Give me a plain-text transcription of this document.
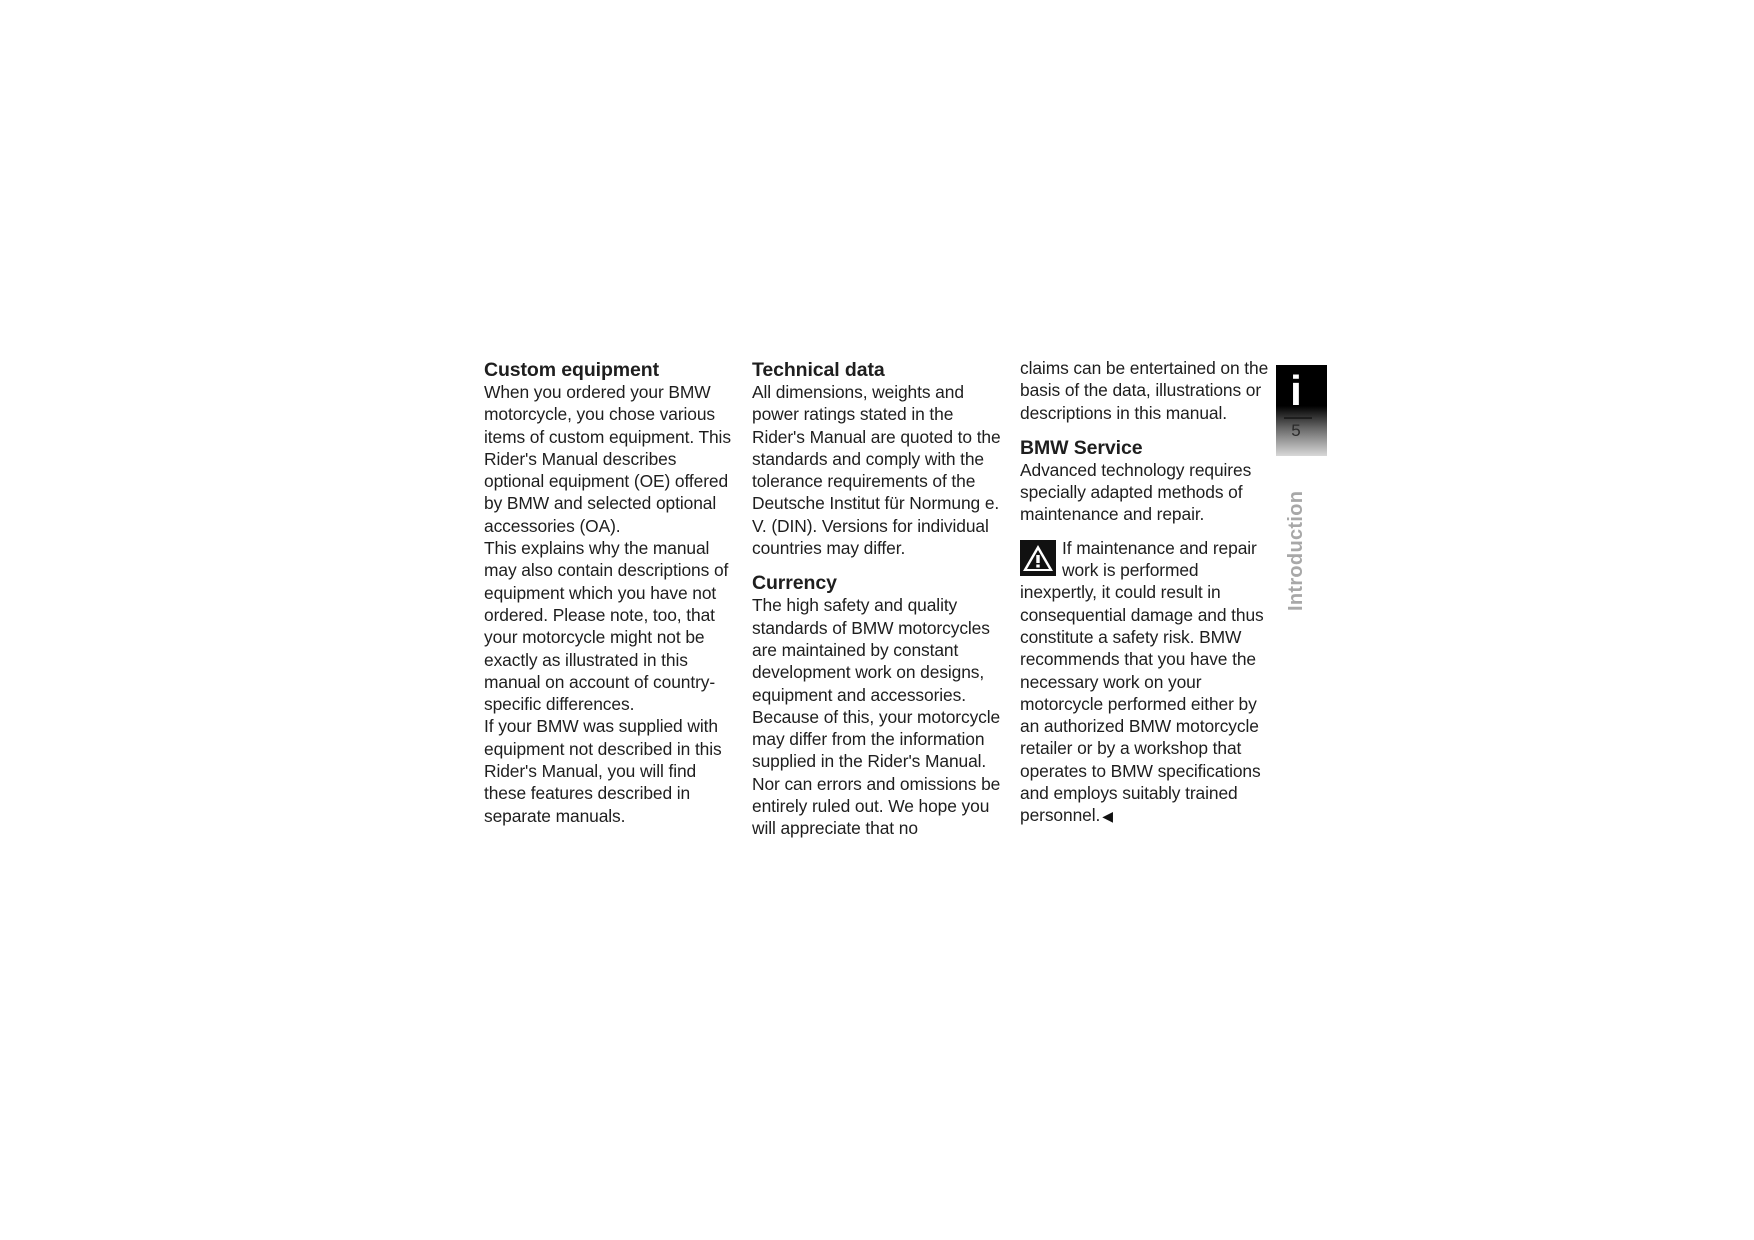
Custom equipment

When you ordered your BMW motorcycle, you chose various items of custom equipment. This Rider's Manual describes optional equipment (OE) offered by BMW and selected optional accessories (OA).

This explains why the manual may also contain descriptions of equipment which you have not ordered. Please note, too, that your motorcycle might not be exactly as illustrated in this manual on account of country-specific differences.

If your BMW was supplied with equipment not described in this Rider's Manual, you will find these features described in separate manuals.

Technical data

All dimensions, weights and power ratings stated in the Rider's Manual are quoted to the standards and comply with the tolerance requirements of the Deutsche Institut für Normung e. V. (DIN). Versions for individual countries may differ.

Currency

The high safety and quality standards of BMW motorcycles are maintained by constant development work on designs, equipment and accessories. Because of this, your motorcycle may differ from the information supplied in the Rider's Manual. Nor can errors and omissions be entirely ruled out. We hope you will appreciate that no

claims can be entertained on the basis of the data, illustrations or descriptions in this manual.

BMW Service

Advanced technology requires specially adapted methods of maintenance and repair.

If maintenance and repair work is performed inexpertly, it could result in consequential damage and thus constitute a safety risk. BMW recommends that you have the necessary work on your motorcycle performed either by an authorized BMW motorcycle retailer or by a workshop that operates to BMW specifications and employs suitably trained personnel. ◀

i
5
Introduction
